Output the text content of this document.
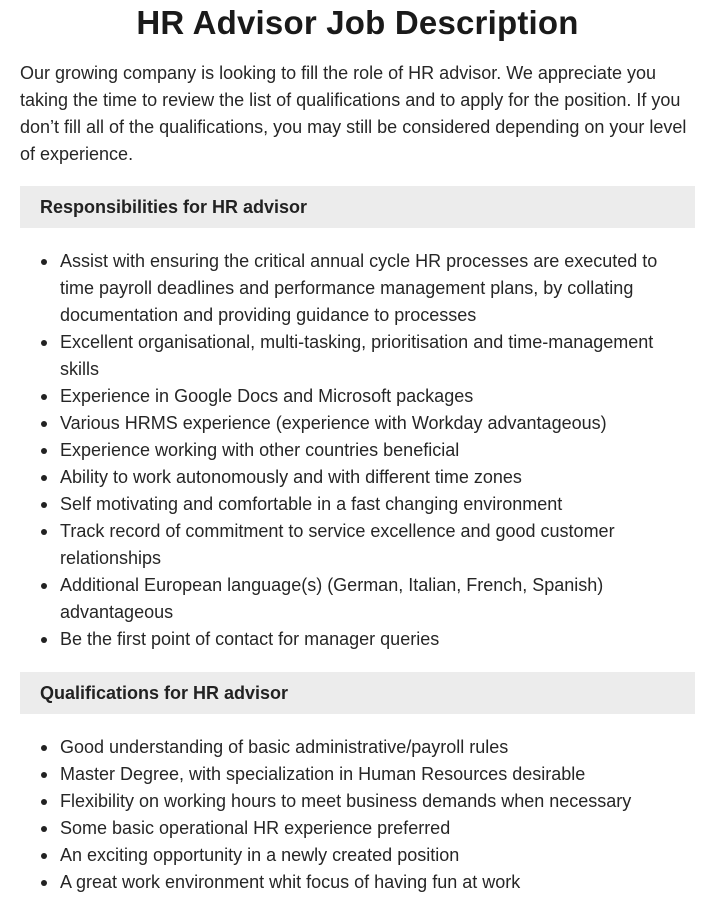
HR Advisor Job Description

Our growing company is looking to fill the role of HR advisor. We appreciate you taking the time to review the list of qualifications and to apply for the position. If you don’t fill all of the qualifications, you may still be considered depending on your level of experience.

Responsibilities for HR advisor
Assist with ensuring the critical annual cycle HR processes are executed to time payroll deadlines and performance management plans, by collating documentation and providing guidance to processes
Excellent organisational, multi-tasking, prioritisation and time-management skills
Experience in Google Docs and Microsoft packages
Various HRMS experience (experience with Workday advantageous)
Experience working with other countries beneficial
Ability to work autonomously and with different time zones
Self motivating and comfortable in a fast changing environment
Track record of commitment to service excellence and good customer relationships
Additional European language(s) (German, Italian, French, Spanish) advantageous
Be the first point of contact for manager queries
Qualifications for HR advisor
Good understanding of basic administrative/payroll rules
Master Degree, with specialization in Human Resources desirable
Flexibility on working hours to meet business demands when necessary
Some basic operational HR experience preferred
An exciting opportunity in a newly created position
A great work environment whit focus of having fun at work
